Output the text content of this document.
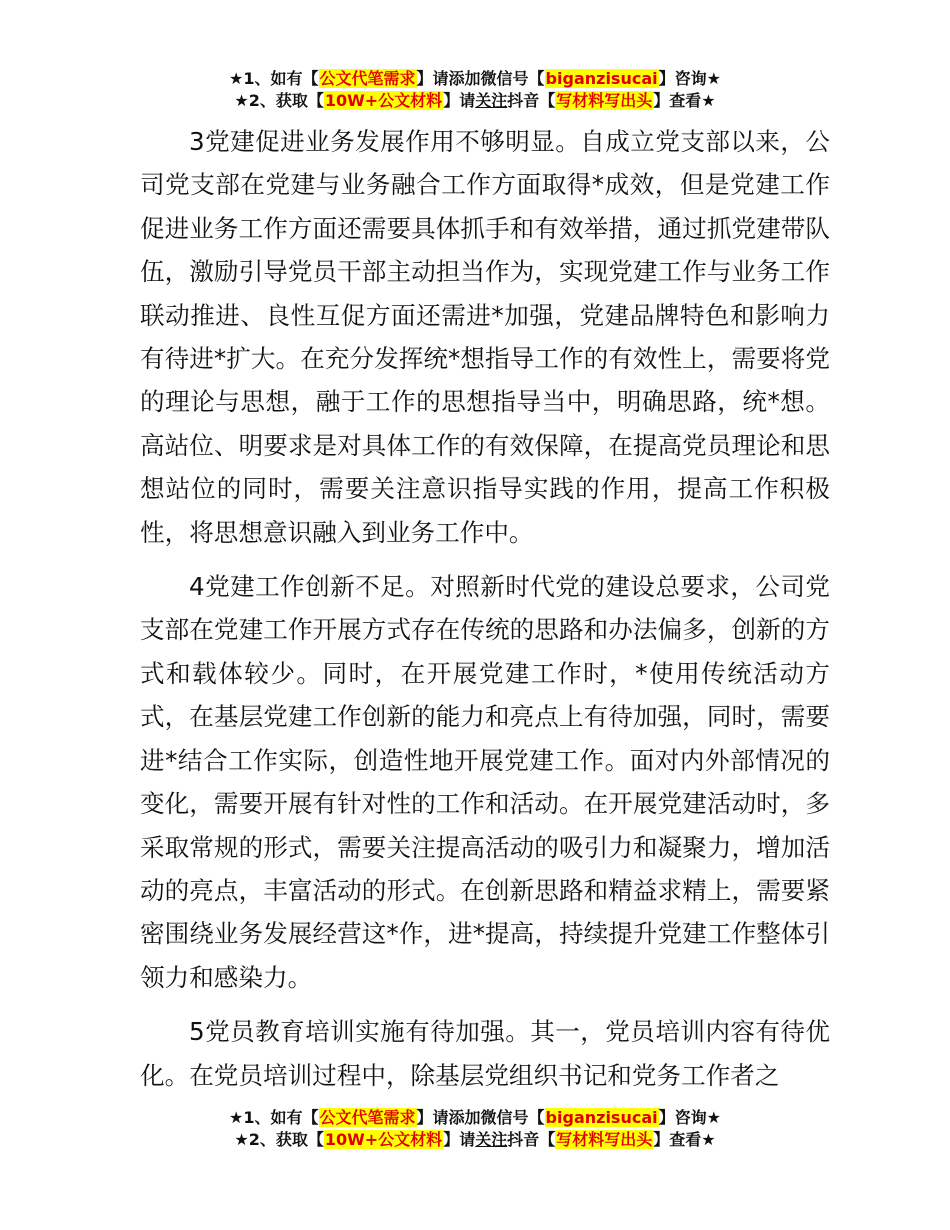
★1、如有【公文代笔需求】请添加微信号【biganzisucai】咨询★
★2、获取【10W+公文材料】请关注抖音【写材料写出头】查看★

3党建促进业务发展作用不够明显。自成立党支部以来，公司党支部在党建与业务融合工作方面取得*成效，但是党建工作促进业务工作方面还需要具体抓手和有效举措，通过抓党建带队伍，激励引导党员干部主动担当作为，实现党建工作与业务工作联动推进、良性互促方面还需进*加强，党建品牌特色和影响力有待进*扩大。在充分发挥统*想指导工作的有效性上，需要将党的理论与思想，融于工作的思想指导当中，明确思路，统*想。高站位、明要求是对具体工作的有效保障，在提高党员理论和思想站位的同时，需要关注意识指导实践的作用，提高工作积极性，将思想意识融入到业务工作中。

4党建工作创新不足。对照新时代党的建设总要求，公司党支部在党建工作开展方式存在传统的思路和办法偏多，创新的方式和载体较少。同时，在开展党建工作时，*使用传统活动方式，在基层党建工作创新的能力和亮点上有待加强，同时，需要进*结合工作实际，创造性地开展党建工作。面对内外部情况的变化，需要开展有针对性的工作和活动。在开展党建活动时，多采取常规的形式，需要关注提高活动的吸引力和凝聚力，增加活动的亮点，丰富活动的形式。在创新思路和精益求精上，需要紧密围绕业务发展经营这*作，进*提高，持续提升党建工作整体引领力和感染力。

5党员教育培训实施有待加强。其一，党员培训内容有待优化。在党员培训过程中，除基层党组织书记和党务工作者之

★1、如有【公文代笔需求】请添加微信号【biganzisucai】咨询★
★2、获取【10W+公文材料】请关注抖音【写材料写出头】查看★
